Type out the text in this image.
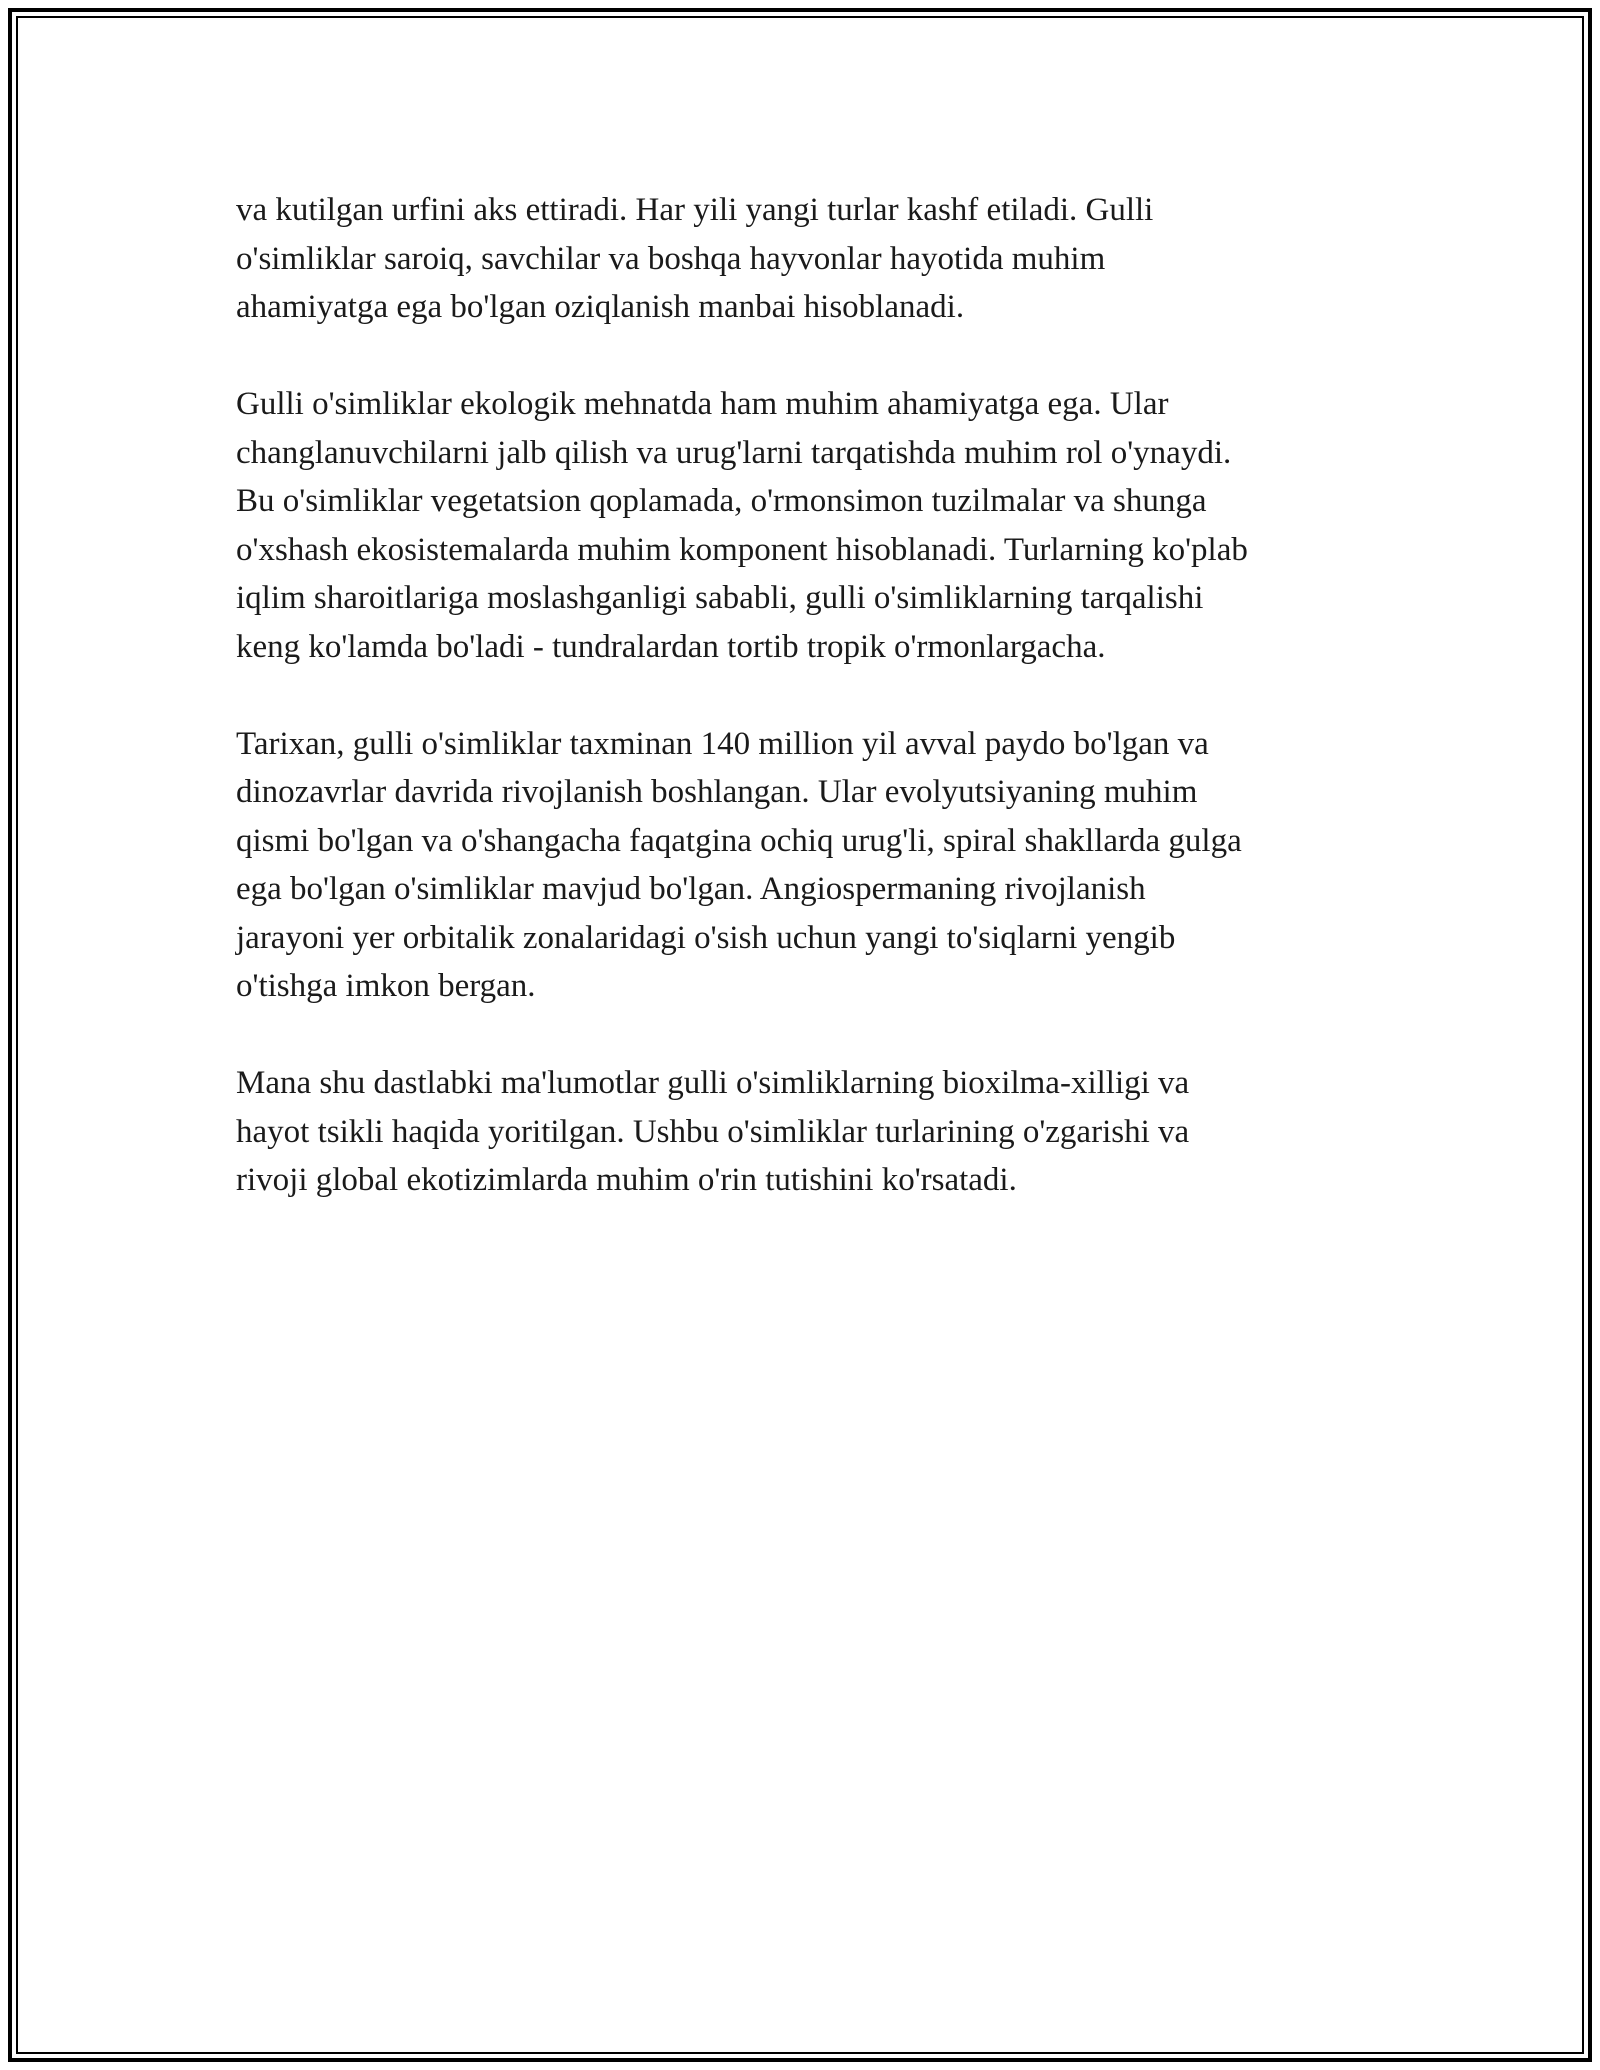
va kutilgan urfini aks ettiradi. Har yili yangi turlar kashf etiladi. Gulli
o'simliklar saroiq, savchilar va boshqa hayvonlar hayotida muhim
ahamiyatga ega bo'lgan oziqlanish manbai hisoblanadi.

Gulli o'simliklar ekologik mehnatda ham muhim ahamiyatga ega. Ular
changlanuvchilarni jalb qilish va urug'larni tarqatishda muhim rol o'ynaydi.
Bu o'simliklar vegetatsion qoplamada, o'rmonsimon tuzilmalar va shunga
o'xshash ekosistemalarda muhim komponent hisoblanadi. Turlarning ko'plab
iqlim sharoitlariga moslashganligi sababli, gulli o'simliklarning tarqalishi
keng ko'lamda bo'ladi - tundralardan tortib tropik o'rmonlargacha.

Tarixan, gulli o'simliklar taxminan 140 million yil avval paydo bo'lgan va
dinozavrlar davrida rivojlanish boshlangan. Ular evolyutsiyaning muhim
qismi bo'lgan va o'shangacha faqatgina ochiq urug'li, spiral shakllarda gulga
ega bo'lgan o'simliklar mavjud bo'lgan. Angiospermaning rivojlanish
jarayoni yer orbitalik zonalaridagi o'sish uchun yangi to'siqlarni yengib
o'tishga imkon bergan.

Mana shu dastlabki ma'lumotlar gulli o'simliklarning bioxilma-xilligi va
hayot tsikli haqida yoritilgan. Ushbu o'simliklar turlarining o'zgarishi va
rivoji global ekotizimlarda muhim o'rin tutishini ko'rsatadi.
